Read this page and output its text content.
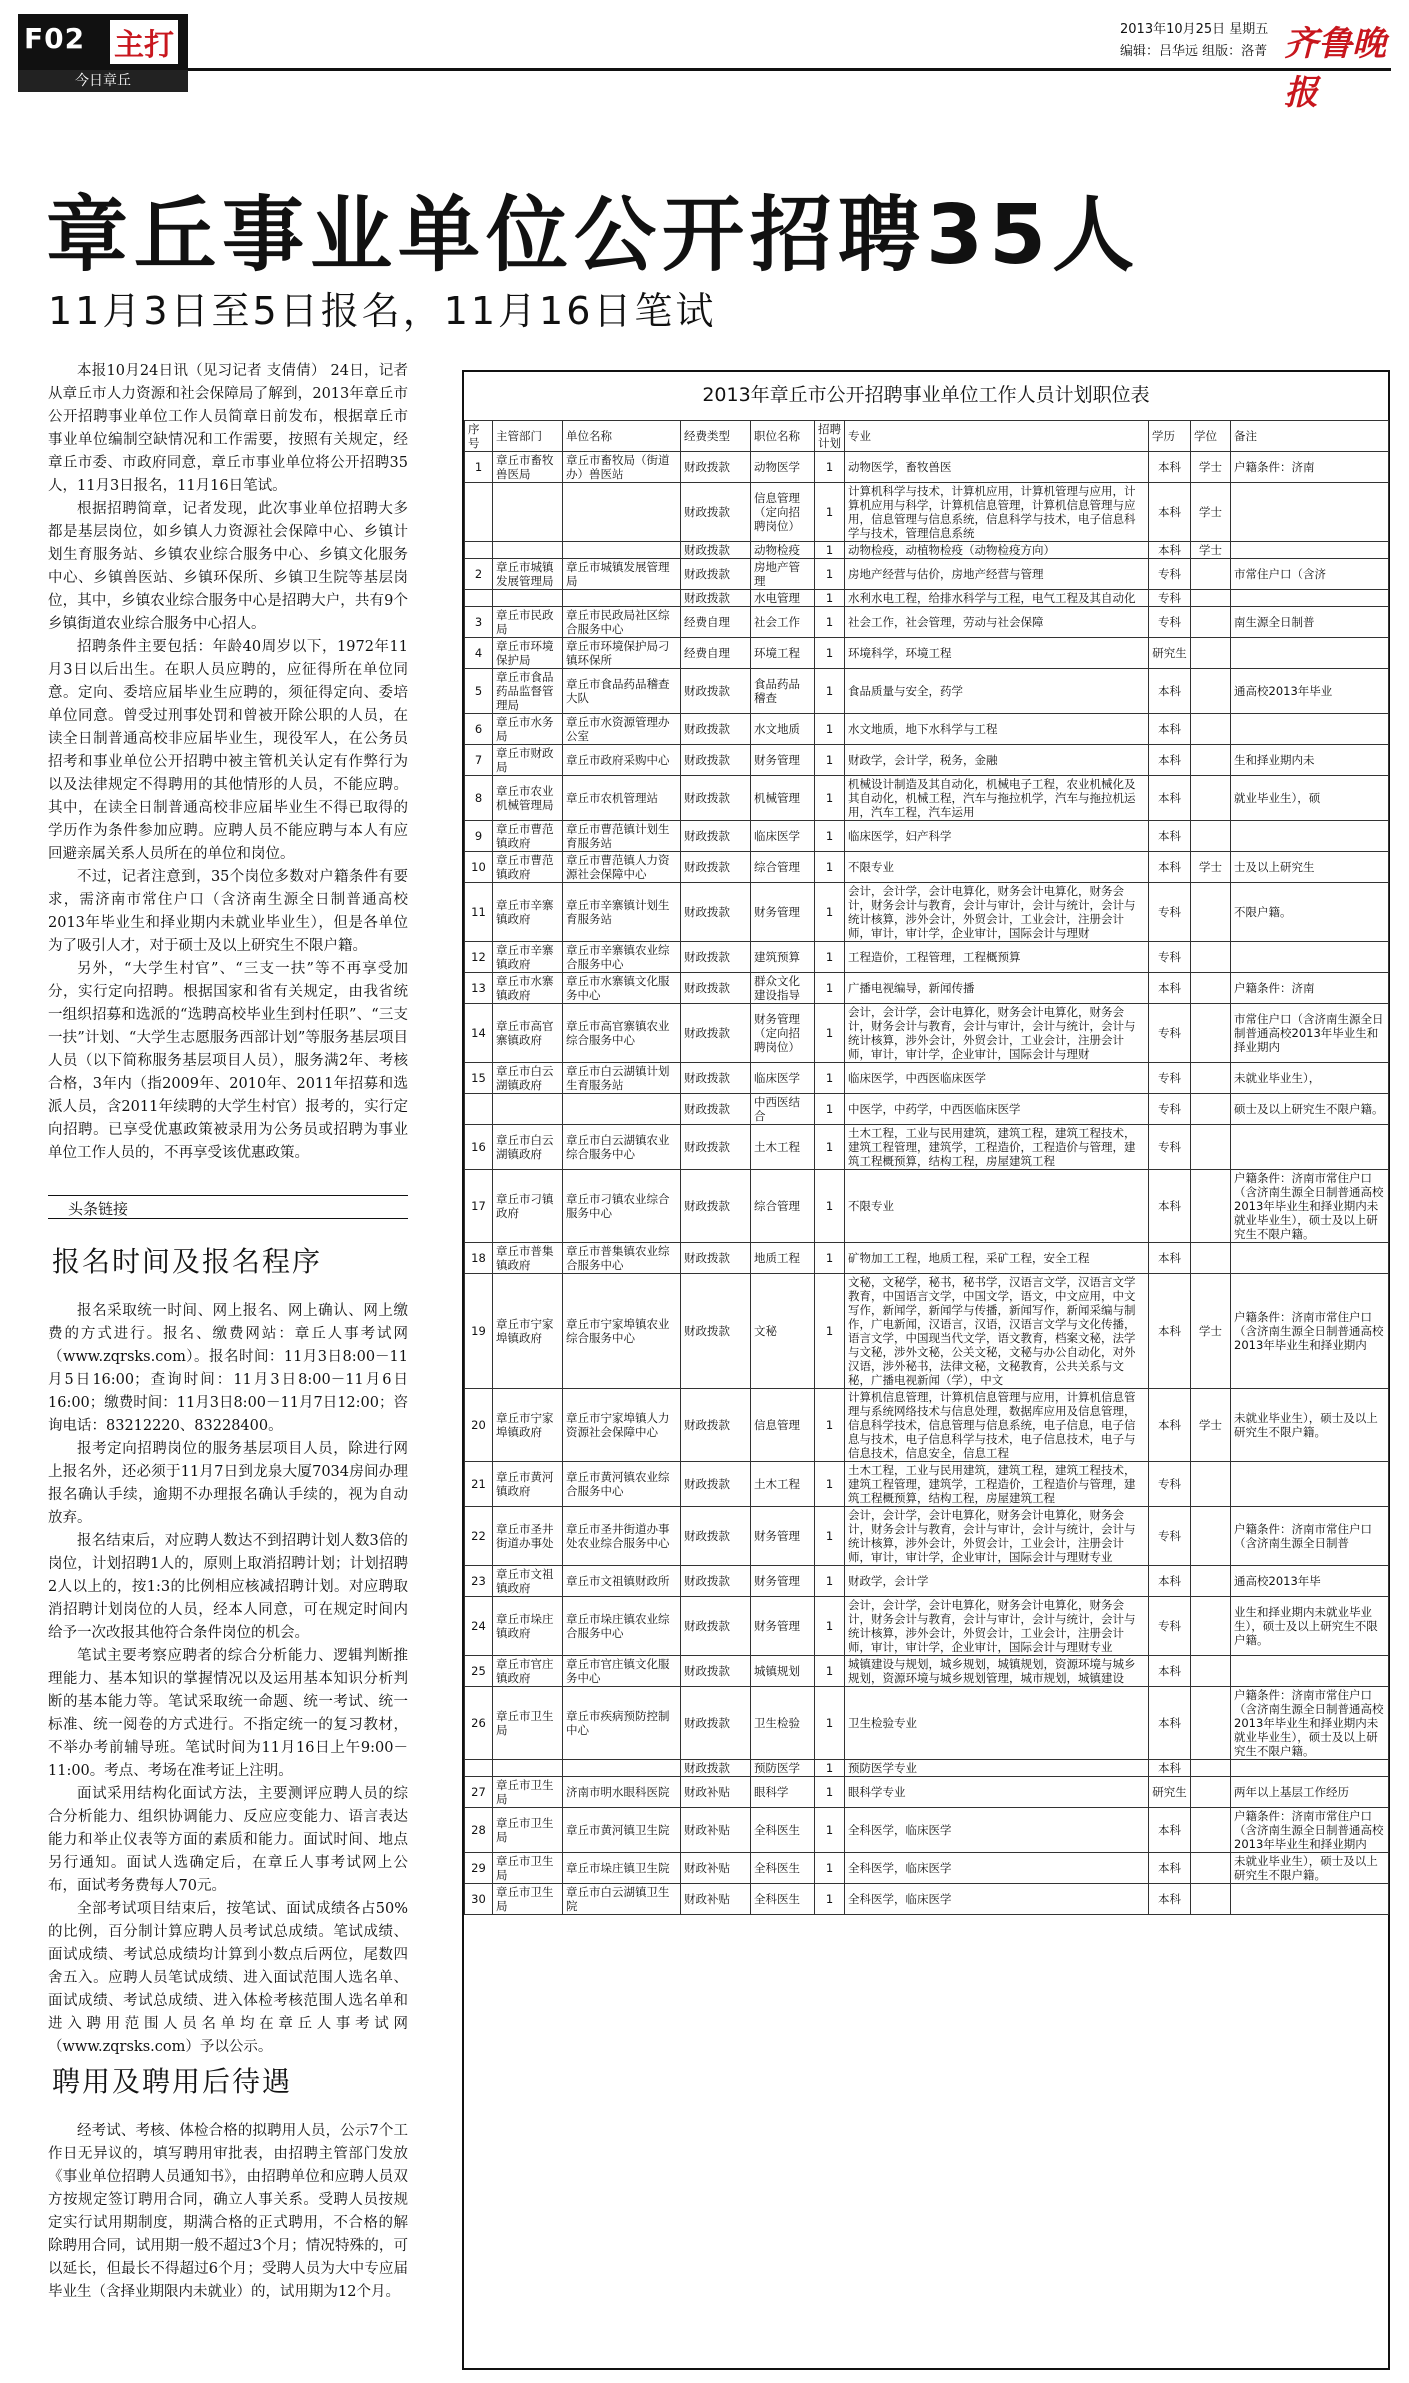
F02 主打
今日章丘
2013年10月25日 星期五
编辑：吕华远 组版：洛菁 齐鲁晚报
章丘事业单位公开招聘35人
11月3日至5日报名，11月16日笔试

本报10月24日讯（见习记者 支倩倩） 24日，记者从章丘市人力资源和社会保障局了解到，2013年章丘市公开招聘事业单位工作人员简章日前发布，根据章丘市事业单位编制空缺情况和工作需要，按照有关规定，经章丘市委、市政府同意，章丘市事业单位将公开招聘35人，11月3日报名，11月16日笔试。

根据招聘简章，记者发现，此次事业单位招聘大多都是基层岗位，如乡镇人力资源社会保障中心、乡镇计划生育服务站、乡镇农业综合服务中心、乡镇文化服务中心、乡镇兽医站、乡镇环保所、乡镇卫生院等基层岗位，其中，乡镇农业综合服务中心是招聘大户，共有9个乡镇街道农业综合服务中心招人。

招聘条件主要包括：年龄40周岁以下，1972年11月3日以后出生。在职人员应聘的，应征得所在单位同意。定向、委培应届毕业生应聘的，须征得定向、委培单位同意。曾受过刑事处罚和曾被开除公职的人员，在读全日制普通高校非应届毕业生，现役军人，在公务员招考和事业单位公开招聘中被主管机关认定有作弊行为以及法律规定不得聘用的其他情形的人员，不能应聘。其中，在读全日制普通高校非应届毕业生不得已取得的学历作为条件参加应聘。应聘人员不能应聘与本人有应回避亲属关系人员所在的单位和岗位。

不过，记者注意到，35个岗位多数对户籍条件有要求，需济南市常住户口（含济南生源全日制普通高校2013年毕业生和择业期内未就业毕业生），但是各单位为了吸引人才，对于硕士及以上研究生不限户籍。

另外，“大学生村官”、“三支一扶”等不再享受加分，实行定向招聘。根据国家和省有关规定，由我省统一组织招募和选派的“选聘高校毕业生到村任职”、“三支一扶”计划、“大学生志愿服务西部计划”等服务基层项目人员（以下简称服务基层项目人员），服务满2年、考核合格，3年内（指2009年、2010年、2011年招募和选派人员，含2011年续聘的大学生村官）报考的，实行定向招聘。已享受优惠政策被录用为公务员或招聘为事业单位工作人员的，不再享受该优惠政策。

头条链接
报名时间及报名程序

报名采取统一时间、网上报名、网上确认、网上缴费的方式进行。报名、缴费网站：章丘人事考试网（www.zqrsks.com）。报名时间：11月3日8:00－11月5日16:00；查询时间：11月3日8:00－11月6日16:00；缴费时间：11月3日8:00－11月7日12:00；咨询电话：83212220、83228400。

报考定向招聘岗位的服务基层项目人员，除进行网上报名外，还必须于11月7日到龙泉大厦7034房间办理报名确认手续，逾期不办理报名确认手续的，视为自动放弃。

报名结束后，对应聘人数达不到招聘计划人数3倍的岗位，计划招聘1人的，原则上取消招聘计划；计划招聘2人以上的，按1:3的比例相应核减招聘计划。对应聘取消招聘计划岗位的人员，经本人同意，可在规定时间内给予一次改报其他符合条件岗位的机会。

笔试主要考察应聘者的综合分析能力、逻辑判断推理能力、基本知识的掌握情况以及运用基本知识分析判断的基本能力等。笔试采取统一命题、统一考试、统一标准、统一阅卷的方式进行。不指定统一的复习教材，不举办考前辅导班。笔试时间为11月16日上午9:00－11:00。考点、考场在准考证上注明。

面试采用结构化面试方法，主要测评应聘人员的综合分析能力、组织协调能力、反应应变能力、语言表达能力和举止仪表等方面的素质和能力。面试时间、地点另行通知。面试人选确定后，在章丘人事考试网上公布，面试考务费每人70元。

全部考试项目结束后，按笔试、面试成绩各占50%的比例，百分制计算应聘人员考试总成绩。笔试成绩、面试成绩、考试总成绩均计算到小数点后两位，尾数四舍五入。应聘人员笔试成绩、进入面试范围人选名单、面试成绩、考试总成绩、进入体检考核范围人选名单和进入聘用范围人员名单均在章丘人事考试网（www.zqrsks.com）予以公示。

聘用及聘用后待遇

经考试、考核、体检合格的拟聘用人员，公示7个工作日无异议的，填写聘用审批表，由招聘主管部门发放《事业单位招聘人员通知书》，由招聘单位和应聘人员双方按规定签订聘用合同，确立人事关系。受聘人员按规定实行试用期制度，期满合格的正式聘用，不合格的解除聘用合同，试用期一般不超过3个月；情况特殊的，可以延长，但最长不得超过6个月；受聘人员为大中专应届毕业生（含择业期限内未就业）的，试用期为12个月。

2013年章丘市公开招聘事业单位工作人员计划职位表
序号	主管部门	单位名称	经费类型	职位名称	招聘计划	专业	学历	学位	备注
1	章丘市畜牧兽医局	章丘市畜牧局（街道办）兽医站	财政拨款	动物医学	1	动物医学，畜牧兽医	本科	学士	户籍条件：济南
			财政拨款	信息管理（定向招聘岗位）	1	计算机科学与技术，计算机应用，计算机管理与应用，计算机应用与科学，计算机信息管理，计算机信息管理与应用，信息管理与信息系统，信息科学与技术，电子信息科学与技术，管理信息系统	本科	学士	
			财政拨款	动物检疫	1	动物检疫，动植物检疫（动物检疫方向）	本科	学士	
2	章丘市城镇发展管理局	章丘市城镇发展管理局	财政拨款	房地产管理	1	房地产经营与估价，房地产经营与管理	专科		市常住户口（含济
			财政拨款	水电管理	1	水利水电工程，给排水科学与工程，电气工程及其自动化	专科		
3	章丘市民政局	章丘市民政局社区综合服务中心	经费自理	社会工作	1	社会工作，社会管理，劳动与社会保障	专科		南生源全日制普
4	章丘市环境保护局	章丘市环境保护局刁镇环保所	经费自理	环境工程	1	环境科学，环境工程	研究生		
5	章丘市食品药品监督管理局	章丘市食品药品稽查大队	财政拨款	食品药品稽查	1	食品质量与安全，药学	本科		通高校2013年毕业
6	章丘市水务局	章丘市水资源管理办公室	财政拨款	水文地质	1	水文地质，地下水科学与工程	本科		
7	章丘市财政局	章丘市政府采购中心	财政拨款	财务管理	1	财政学，会计学，税务，金融	本科		生和择业期内未
8	章丘市农业机械管理局	章丘市农机管理站	财政拨款	机械管理	1	机械设计制造及其自动化，机械电子工程，农业机械化及其自动化，机械工程，汽车与拖拉机学，汽车与拖拉机运用，汽车工程，汽车运用	本科		就业毕业生），硕
9	章丘市曹范镇政府	章丘市曹范镇计划生育服务站	财政拨款	临床医学	1	临床医学，妇产科学	本科		
10	章丘市曹范镇政府	章丘市曹范镇人力资源社会保障中心	财政拨款	综合管理	1	不限专业	本科	学士	士及以上研究生
11	章丘市辛寨镇政府	章丘市辛寨镇计划生育服务站	财政拨款	财务管理	1	会计，会计学，会计电算化，财务会计电算化，财务会计，财务会计与教育，会计与审计，会计与统计，会计与统计核算，涉外会计，外贸会计，工业会计，注册会计师，审计，审计学，企业审计，国际会计与理财	专科		不限户籍。
12	章丘市辛寨镇政府	章丘市辛寨镇农业综合服务中心	财政拨款	建筑预算	1	工程造价，工程管理，工程概预算	专科		
13	章丘市水寨镇政府	章丘市水寨镇文化服务中心	财政拨款	群众文化建设指导	1	广播电视编导，新闻传播	本科		户籍条件：济南
14	章丘市高官寨镇政府	章丘市高官寨镇农业综合服务中心	财政拨款	财务管理（定向招聘岗位）	1	会计，会计学，会计电算化，财务会计电算化，财务会计，财务会计与教育，会计与审计，会计与统计，会计与统计核算，涉外会计，外贸会计，工业会计，注册会计师，审计，审计学，企业审计，国际会计与理财	专科		市常住户口（含济南生源全日制普通高校2013年毕业生和择业期内
15	章丘市白云湖镇政府	章丘市白云湖镇计划生育服务站	财政拨款	临床医学	1	临床医学，中西医临床医学	专科		未就业毕业生），
			财政拨款	中西医结合	1	中医学，中药学，中西医临床医学	专科		硕士及以上研究生不限户籍。
16	章丘市白云湖镇政府	章丘市白云湖镇农业综合服务中心	财政拨款	土木工程	1	土木工程，工业与民用建筑，建筑工程，建筑工程技术，建筑工程管理，建筑学，工程造价，工程造价与管理，建筑工程概预算，结构工程，房屋建筑工程	专科		
17	章丘市刁镇政府	章丘市刁镇农业综合服务中心	财政拨款	综合管理	1	不限专业	本科		户籍条件：济南市常住户口（含济南生源全日制普通高校2013年毕业生和择业期内未就业毕业生），硕士及以上研究生不限户籍。
18	章丘市普集镇政府	章丘市普集镇农业综合服务中心	财政拨款	地质工程	1	矿物加工工程，地质工程，采矿工程，安全工程	本科		
19	章丘市宁家埠镇政府	章丘市宁家埠镇农业综合服务中心	财政拨款	文秘	1	文秘，文秘学，秘书，秘书学，汉语言文学，汉语言文学教育，中国语言文学，中国文学，语文，中文应用，中文写作，新闻学，新闻学与传播，新闻写作，新闻采编与制作，广电新闻，汉语言，汉语，汉语言文学与文化传播，语言文学，中国现当代文学，语文教育，档案文秘，法学与文秘，涉外文秘，公关文秘，文秘与办公自动化，对外汉语，涉外秘书，法律文秘，文秘教育，公共关系与文秘，广播电视新闻（学），中文	本科	学士	户籍条件：济南市常住户口（含济南生源全日制普通高校2013年毕业生和择业期内
20	章丘市宁家埠镇政府	章丘市宁家埠镇人力资源社会保障中心	财政拨款	信息管理	1	计算机信息管理，计算机信息管理与应用，计算机信息管理与系统网络技术与信息处理，数据库应用及信息管理，信息科学技术，信息管理与信息系统，电子信息，电子信息与技术，电子信息科学与技术，电子信息技术，电子与信息技术，信息安全，信息工程	本科	学士	未就业毕业生），硕士及以上研究生不限户籍。
21	章丘市黄河镇政府	章丘市黄河镇农业综合服务中心	财政拨款	土木工程	1	土木工程，工业与民用建筑，建筑工程，建筑工程技术，建筑工程管理，建筑学，工程造价，工程造价与管理，建筑工程概预算，结构工程，房屋建筑工程	专科		
22	章丘市圣井街道办事处	章丘市圣井街道办事处农业综合服务中心	财政拨款	财务管理	1	会计，会计学，会计电算化，财务会计电算化，财务会计，财务会计与教育，会计与审计，会计与统计，会计与统计核算，涉外会计，外贸会计，工业会计，注册会计师，审计，审计学，企业审计，国际会计与理财专业	专科		户籍条件：济南市常住户口（含济南生源全日制普
23	章丘市文祖镇政府	章丘市文祖镇财政所	财政拨款	财务管理	1	财政学，会计学	本科		通高校2013年毕
24	章丘市垛庄镇政府	章丘市垛庄镇农业综合服务中心	财政拨款	财务管理	1	会计，会计学，会计电算化，财务会计电算化，财务会计，财务会计与教育，会计与审计，会计与统计，会计与统计核算，涉外会计，外贸会计，工业会计，注册会计师，审计，审计学，企业审计，国际会计与理财专业	专科		业生和择业期内未就业毕业生），硕士及以上研究生不限户籍。
25	章丘市官庄镇政府	章丘市官庄镇文化服务中心	财政拨款	城镇规划	1	城镇建设与规划，城乡规划，城镇规划，资源环境与城乡规划，资源环境与城乡规划管理，城市规划，城镇建设	本科		
26	章丘市卫生局	章丘市疾病预防控制中心	财政拨款	卫生检验	1	卫生检验专业	本科		户籍条件：济南市常住户口（含济南生源全日制普通高校2013年毕业生和择业期内未就业毕业生），硕士及以上研究生不限户籍。
			财政拨款	预防医学	1	预防医学专业	本科		
27	章丘市卫生局	济南市明水眼科医院	财政补贴	眼科学	1	眼科学专业	研究生		两年以上基层工作经历
28	章丘市卫生局	章丘市黄河镇卫生院	财政补贴	全科医生	1	全科医学，临床医学	本科		户籍条件：济南市常住户口（含济南生源全日制普通高校2013年毕业生和择业期内
29	章丘市卫生局	章丘市垛庄镇卫生院	财政补贴	全科医生	1	全科医学，临床医学	本科		未就业毕业生），硕士及以上研究生不限户籍。
30	章丘市卫生局	章丘市白云湖镇卫生院	财政补贴	全科医生	1	全科医学，临床医学	本科		
